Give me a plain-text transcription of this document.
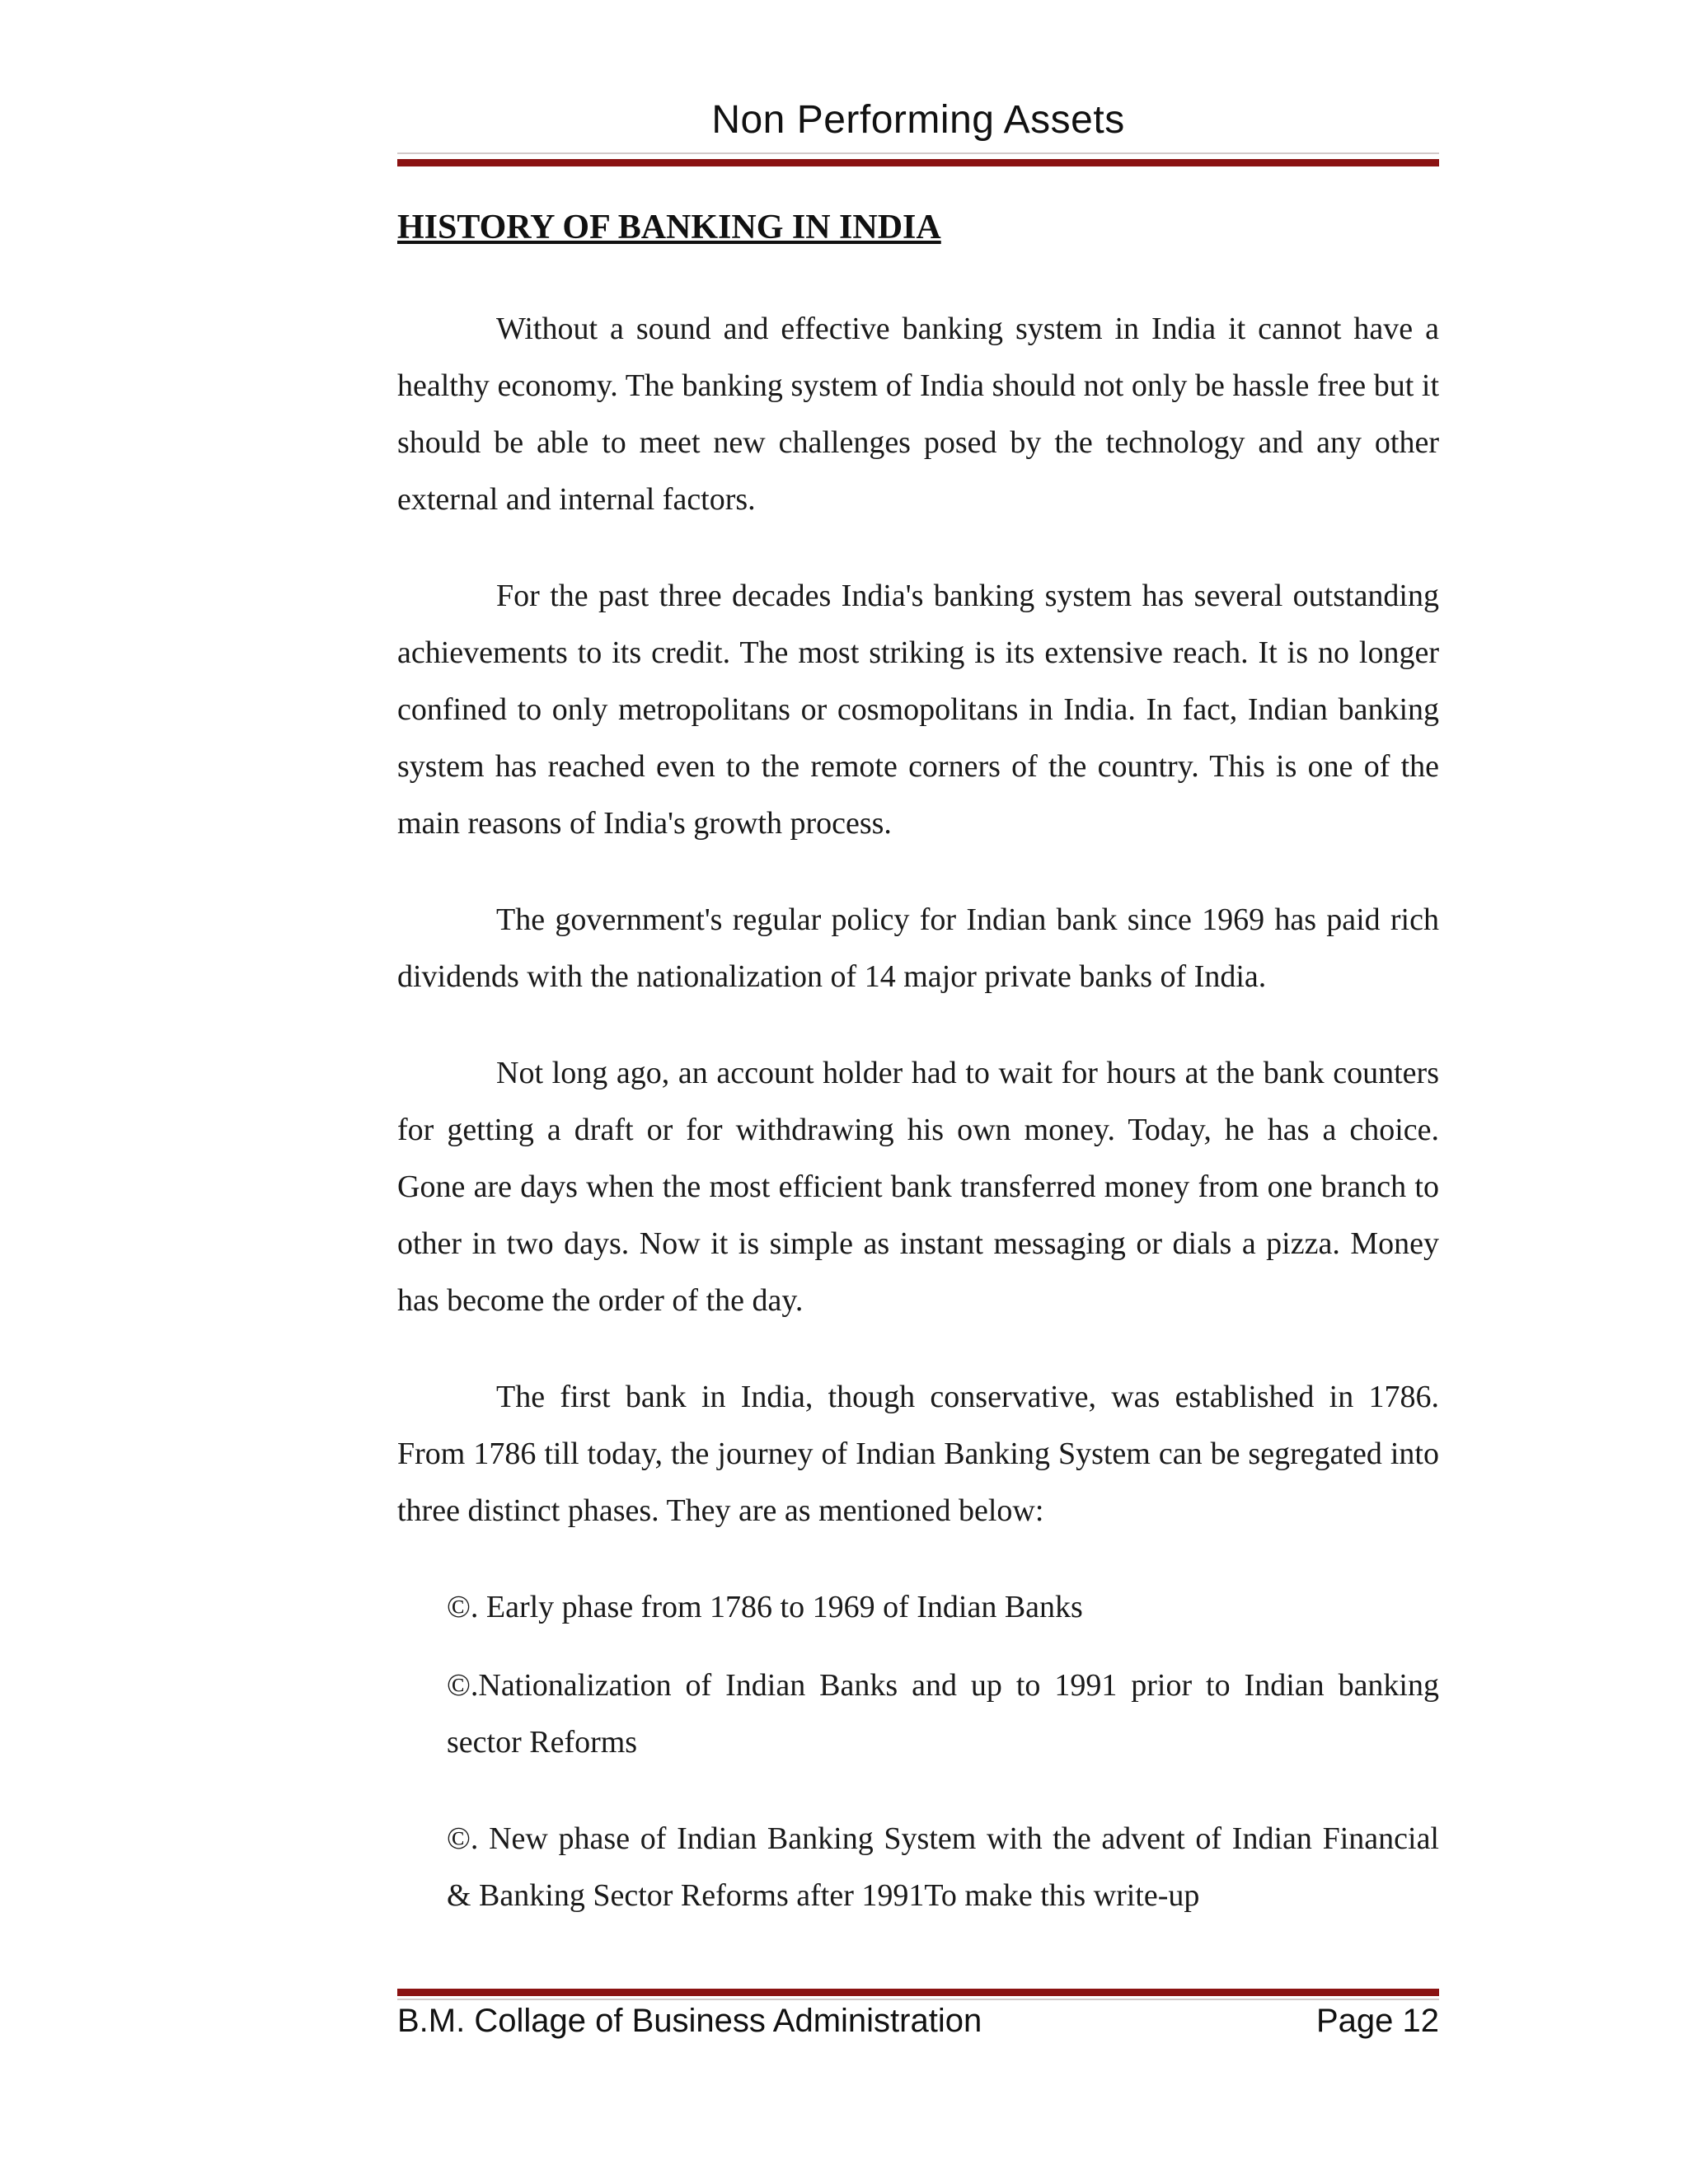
Non Performing Assets
HISTORY OF BANKING IN INDIA

Without a sound and effective banking system in India it cannot have a healthy economy. The banking system of India should not only be hassle free but it should be able to meet new challenges posed by the technology and any other external and internal factors.

For the past three decades India's banking system has several outstanding achievements to its credit. The most striking is its extensive reach. It is no longer confined to only metropolitans or cosmopolitans in India. In fact, Indian banking system has reached even to the remote corners of the country. This is one of the main reasons of India's growth process.

The government's regular policy for Indian bank since 1969 has paid rich dividends with the nationalization of 14 major private banks of India.

Not long ago, an account holder had to wait for hours at the bank counters for getting a draft or for withdrawing his own money. Today, he has a choice. Gone are days when the most efficient bank transferred money from one branch to other in two days. Now it is simple as instant messaging or dials a pizza. Money has become the order of the day.

The first bank in India, though conservative, was established in 1786. From 1786 till today, the journey of Indian Banking System can be segregated into three distinct phases. They are as mentioned below:

©. Early phase from 1786 to 1969 of Indian Banks

©.Nationalization of Indian Banks and up to 1991 prior to Indian banking sector Reforms

©. New phase of Indian Banking System with the advent of Indian Financial & Banking Sector Reforms after 1991To make this write-up

B.M. Collage of Business Administration	Page 12
